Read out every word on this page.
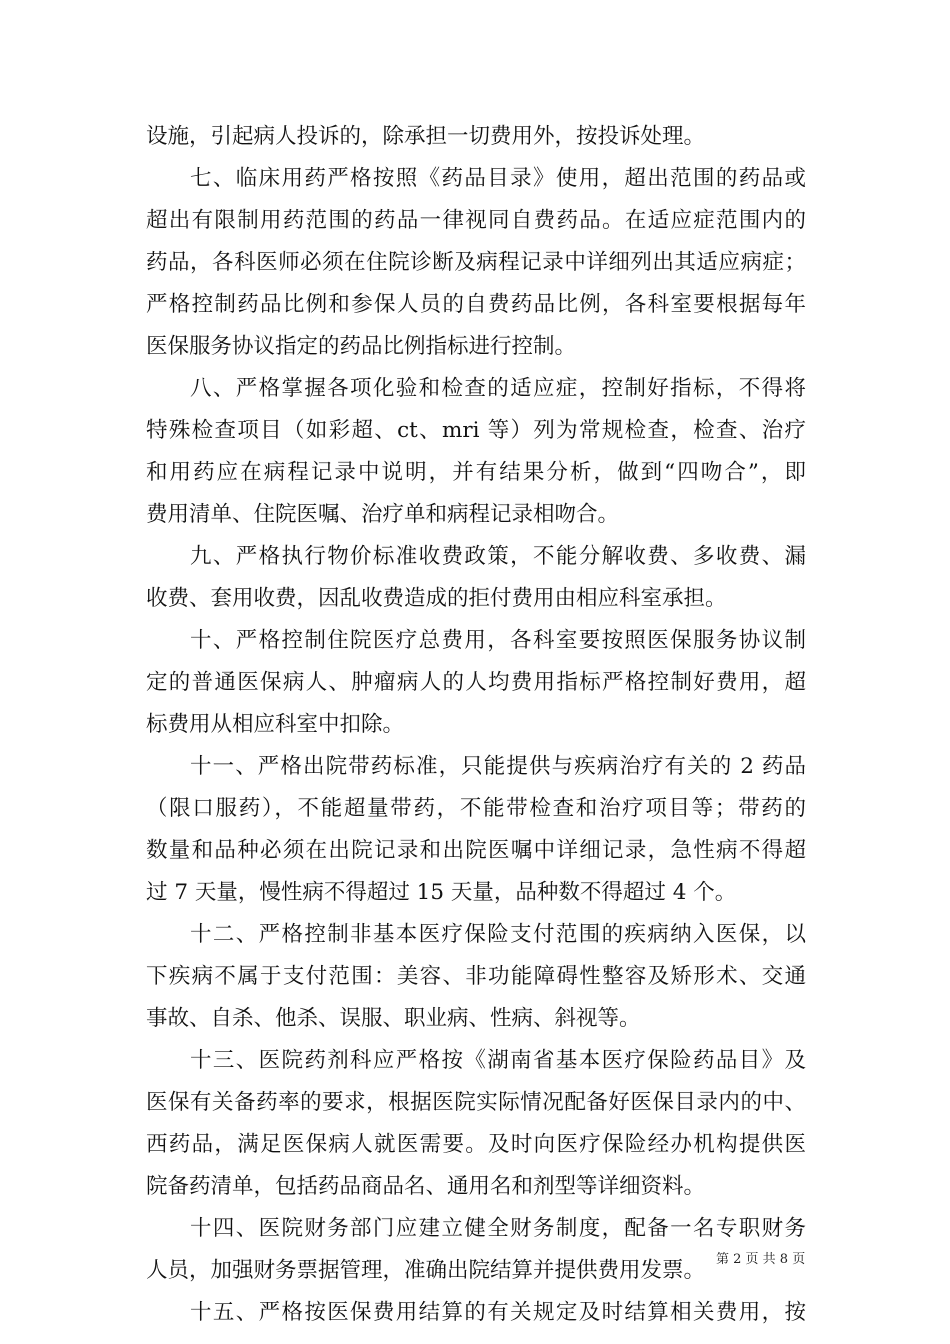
设施，引起病人投诉的，除承担一切费用外，按投诉处理。
七、临床用药严格按照《药品目录》使用，超出范围的药品或
超出有限制用药范围的药品一律视同自费药品。在适应症范围内的
药品，各科医师必须在住院诊断及病程记录中详细列出其适应病症；
严格控制药品比例和参保人员的自费药品比例，各科室要根据每年
医保服务协议指定的药品比例指标进行控制。
八、严格掌握各项化验和检查的适应症，控制好指标，不得将
特殊检查项目（如彩超、ct、mri 等）列为常规检查，检查、治疗
和用药应在病程记录中说明，并有结果分析，做到“四吻合”，即
费用清单、住院医嘱、治疗单和病程记录相吻合。
九、严格执行物价标准收费政策，不能分解收费、多收费、漏
收费、套用收费，因乱收费造成的拒付费用由相应科室承担。
十、严格控制住院医疗总费用，各科室要按照医保服务协议制
定的普通医保病人、肿瘤病人的人均费用指标严格控制好费用，超
标费用从相应科室中扣除。
十一、严格出院带药标准，只能提供与疾病治疗有关的 2 药品
（限口服药），不能超量带药，不能带检查和治疗项目等；带药的
数量和品种必须在出院记录和出院医嘱中详细记录，急性病不得超
过 7 天量，慢性病不得超过 15 天量，品种数不得超过 4 个。
十二、严格控制非基本医疗保险支付范围的疾病纳入医保，以
下疾病不属于支付范围：美容、非功能障碍性整容及矫形术、交通
事故、自杀、他杀、误服、职业病、性病、斜视等。
十三、医院药剂科应严格按《湖南省基本医疗保险药品目》及
医保有关备药率的要求，根据医院实际情况配备好医保目录内的中、
西药品，满足医保病人就医需要。及时向医疗保险经办机构提供医
院备药清单，包括药品商品名、通用名和剂型等详细资料。
十四、医院财务部门应建立健全财务制度，配备一名专职财务
人员，加强财务票据管理，准确出院结算并提供费用发票。
十五、严格按医保费用结算的有关规定及时结算相关费用，按
第 2 页 共 8 页
